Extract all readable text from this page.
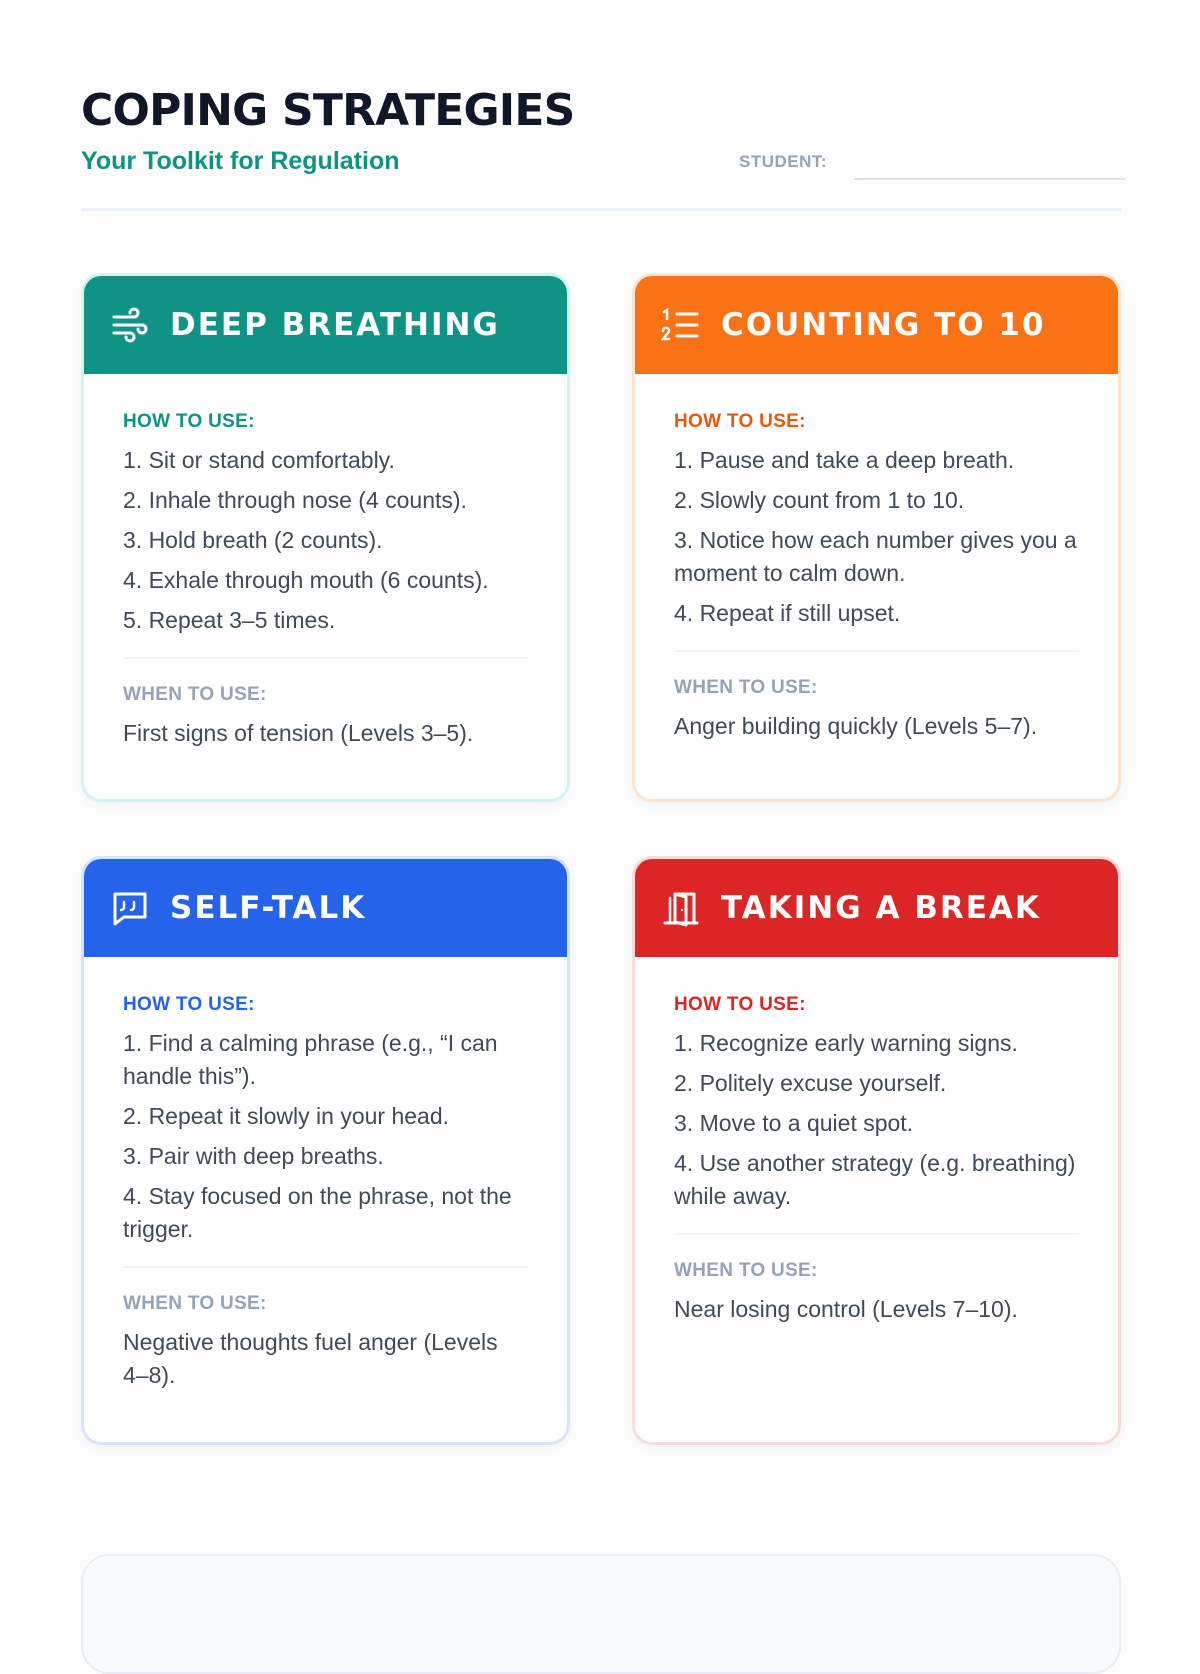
COPING STRATEGIES
Your Toolkit for Regulation	STUDENT:
DEEP BREATHING
HOW TO USE:
1. Sit or stand comfortably.
2. Inhale through nose (4 counts).
3. Hold breath (2 counts).
4. Exhale through mouth (6 counts).
5. Repeat 3–5 times.
WHEN TO USE:
First signs of tension (Levels 3–5).
COUNTING TO 10
HOW TO USE:
1. Pause and take a deep breath.
2. Slowly count from 1 to 10.
3. Notice how each number gives you a moment to calm down.
4. Repeat if still upset.
WHEN TO USE:
Anger building quickly (Levels 5–7).
SELF-TALK
HOW TO USE:
1. Find a calming phrase (e.g., “I can handle this”).
2. Repeat it slowly in your head.
3. Pair with deep breaths.
4. Stay focused on the phrase, not the trigger.
WHEN TO USE:
Negative thoughts fuel anger (Levels 4–8).
TAKING A BREAK
HOW TO USE:
1. Recognize early warning signs.
2. Politely excuse yourself.
3. Move to a quiet spot.
4. Use another strategy (e.g. breathing) while away.
WHEN TO USE:
Near losing control (Levels 7–10).
